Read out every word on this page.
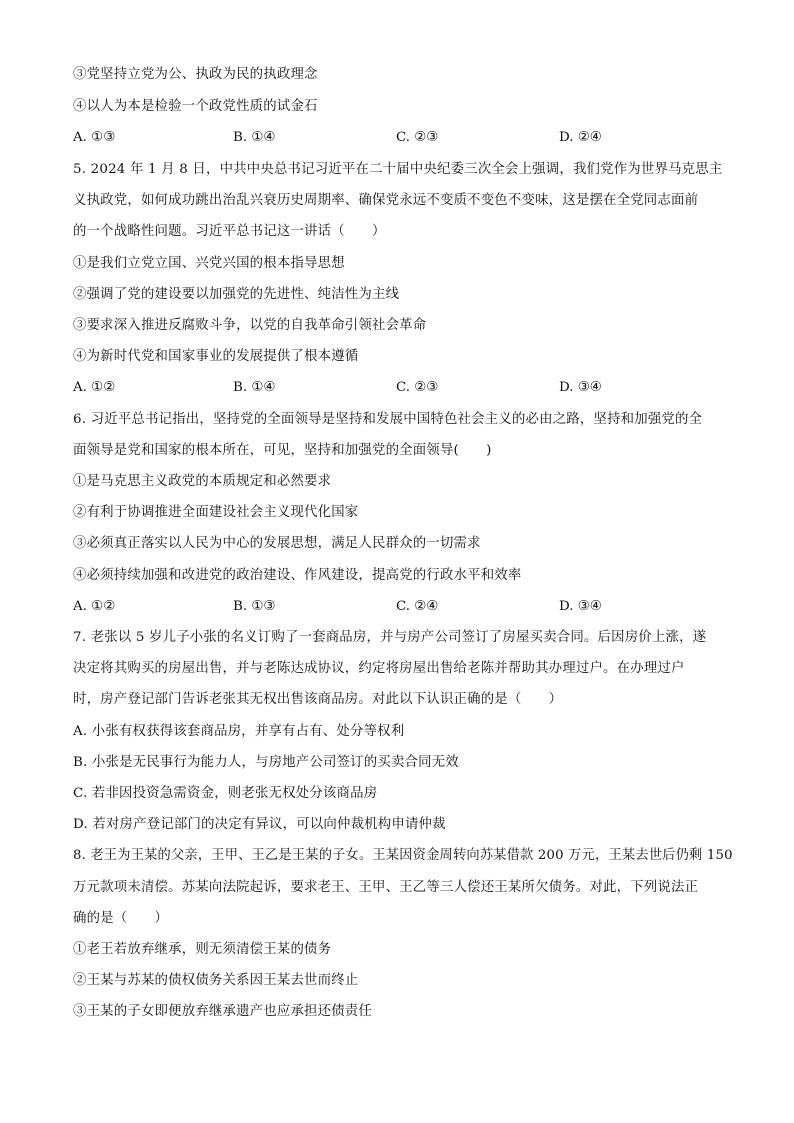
③党坚持立党为公、执政为民的执政理念
④以人为本是检验一个政党性质的试金石
A. ①③	B. ①④	C. ②③	D. ②④
5. 2024 年 1 月 8 日，中共中央总书记习近平在二十届中央纪委三次全会上强调，我们党作为世界马克思主
义执政党，如何成功跳出治乱兴衰历史周期率、确保党永远不变质不变色不变味，这是摆在全党同志面前
的一个战略性问题。习近平总书记这一讲话（　　）
①是我们立党立国、兴党兴国的根本指导思想
②强调了党的建设要以加强党的先进性、纯洁性为主线
③要求深入推进反腐败斗争，以党的自我革命引领社会革命
④为新时代党和国家事业的发展提供了根本遵循
A. ①②	B. ①④	C. ②③	D. ③④
6. 习近平总书记指出，坚持党的全面领导是坚持和发展中国特色社会主义的必由之路，坚持和加强党的全
面领导是党和国家的根本所在，可见，坚持和加强党的全面领导(　　)
①是马克思主义政党的本质规定和必然要求
②有利于协调推进全面建设社会主义现代化国家
③必须真正落实以人民为中心的发展思想，满足人民群众的一切需求
④必须持续加强和改进党的政治建设、作风建设，提高党的行政水平和效率
A. ①②	B. ①③	C. ②④	D. ③④
7. 老张以 5 岁儿子小张的名义订购了一套商品房，并与房产公司签订了房屋买卖合同。后因房价上涨，遂
决定将其购买的房屋出售，并与老陈达成协议，约定将房屋出售给老陈并帮助其办理过户。在办理过户
时，房产登记部门告诉老张其无权出售该商品房。对此以下认识正确的是（　　）
A. 小张有权获得该套商品房，并享有占有、处分等权利
B. 小张是无民事行为能力人，与房地产公司签订的买卖合同无效
C. 若非因投资急需资金，则老张无权处分该商品房
D. 若对房产登记部门的决定有异议，可以向仲裁机构申请仲裁
8. 老王为王某的父亲，王甲、王乙是王某的子女。王某因资金周转向苏某借款 200 万元，王某去世后仍剩 150
万元款项未清偿。苏某向法院起诉，要求老王、王甲、王乙等三人偿还王某所欠债务。对此，下列说法正
确的是（　　）
①老王若放弃继承，则无须清偿王某的债务
②王某与苏某的债权债务关系因王某去世而终止
③王某的子女即便放弃继承遗产也应承担还债责任
